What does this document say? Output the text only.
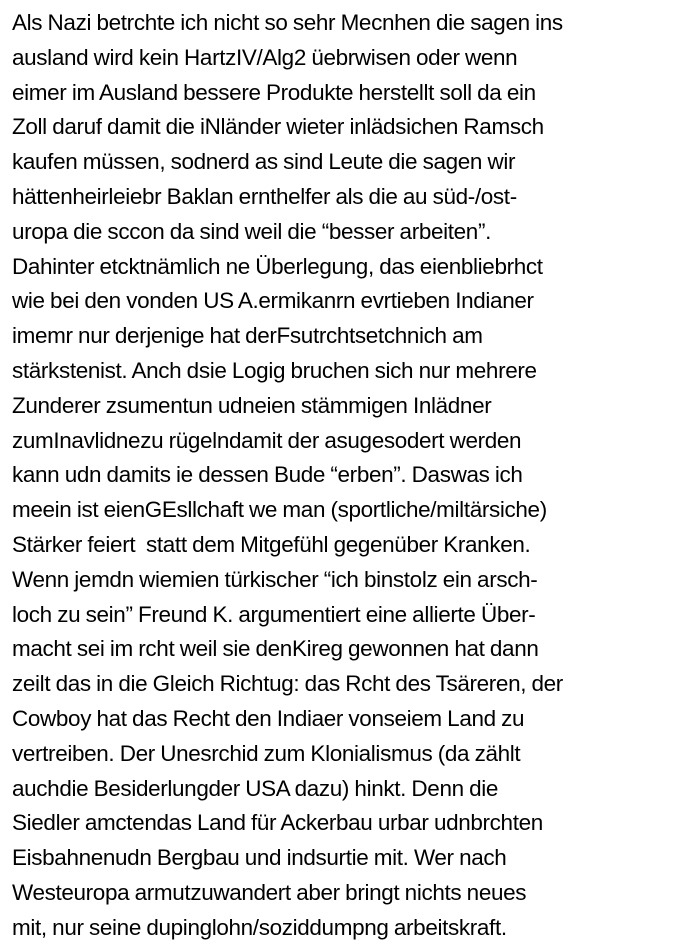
Als Nazi betrchte ich nicht so sehr Mecnhen die sagen ins
ausland wird kein HartzIV/Alg2 üebrwisen oder wenn
eimer im Ausland bessere Produkte herstellt soll da ein
Zoll daruf damit die iNländer wieter inlädsichen Ramsch
kaufen müssen, sodnerd as sind Leute die sagen wir
hättenheirleiebr Baklan ernthelfer als die au süd-/ost-
uropa die sccon da sind weil die “besser arbeiten”.
Dahinter etcktnämlich ne Überlegung, das eienbliebrhct
wie bei den vonden US A.ermikanrn evrtieben Indianer
imemr nur derjenige hat derFsutrchtsetchnich am
stärkstenist. Anch dsie Logig bruchen sich nur mehrere
Zunderer zsumentun udneien stämmigen Inlädner
zumInavlidnezu rügelndamit der asugesodert werden
kann udn damits ie dessen Bude “erben”. Daswas ich
meein ist eienGEsllchaft we man (sportliche/miltärsiche)
Stärker feiert  statt dem Mitgefühl gegenüber Kranken.
Wenn jemdn wiemien türkischer “ich binstolz ein arsch-
loch zu sein” Freund K. argumentiert eine allierte Über-
macht sei im rcht weil sie denKireg gewonnen hat dann
zeilt das in die Gleich Richtug: das Rcht des Tsäreren, der
Cowboy hat das Recht den Indiaer vonseiem Land zu
vertreiben. Der Unesrchid zum Klonialismus (da zählt
auchdie Besiderlungder USA dazu) hinkt. Denn die
Siedler amctendas Land für Ackerbau urbar udnbrchten
Eisbahnenudn Bergbau und indsurtie mit. Wer nach
Westeuropa armutzuwandert aber bringt nichts neues
mit, nur seine dupinglohn/soziddumpng arbeitskraft.
